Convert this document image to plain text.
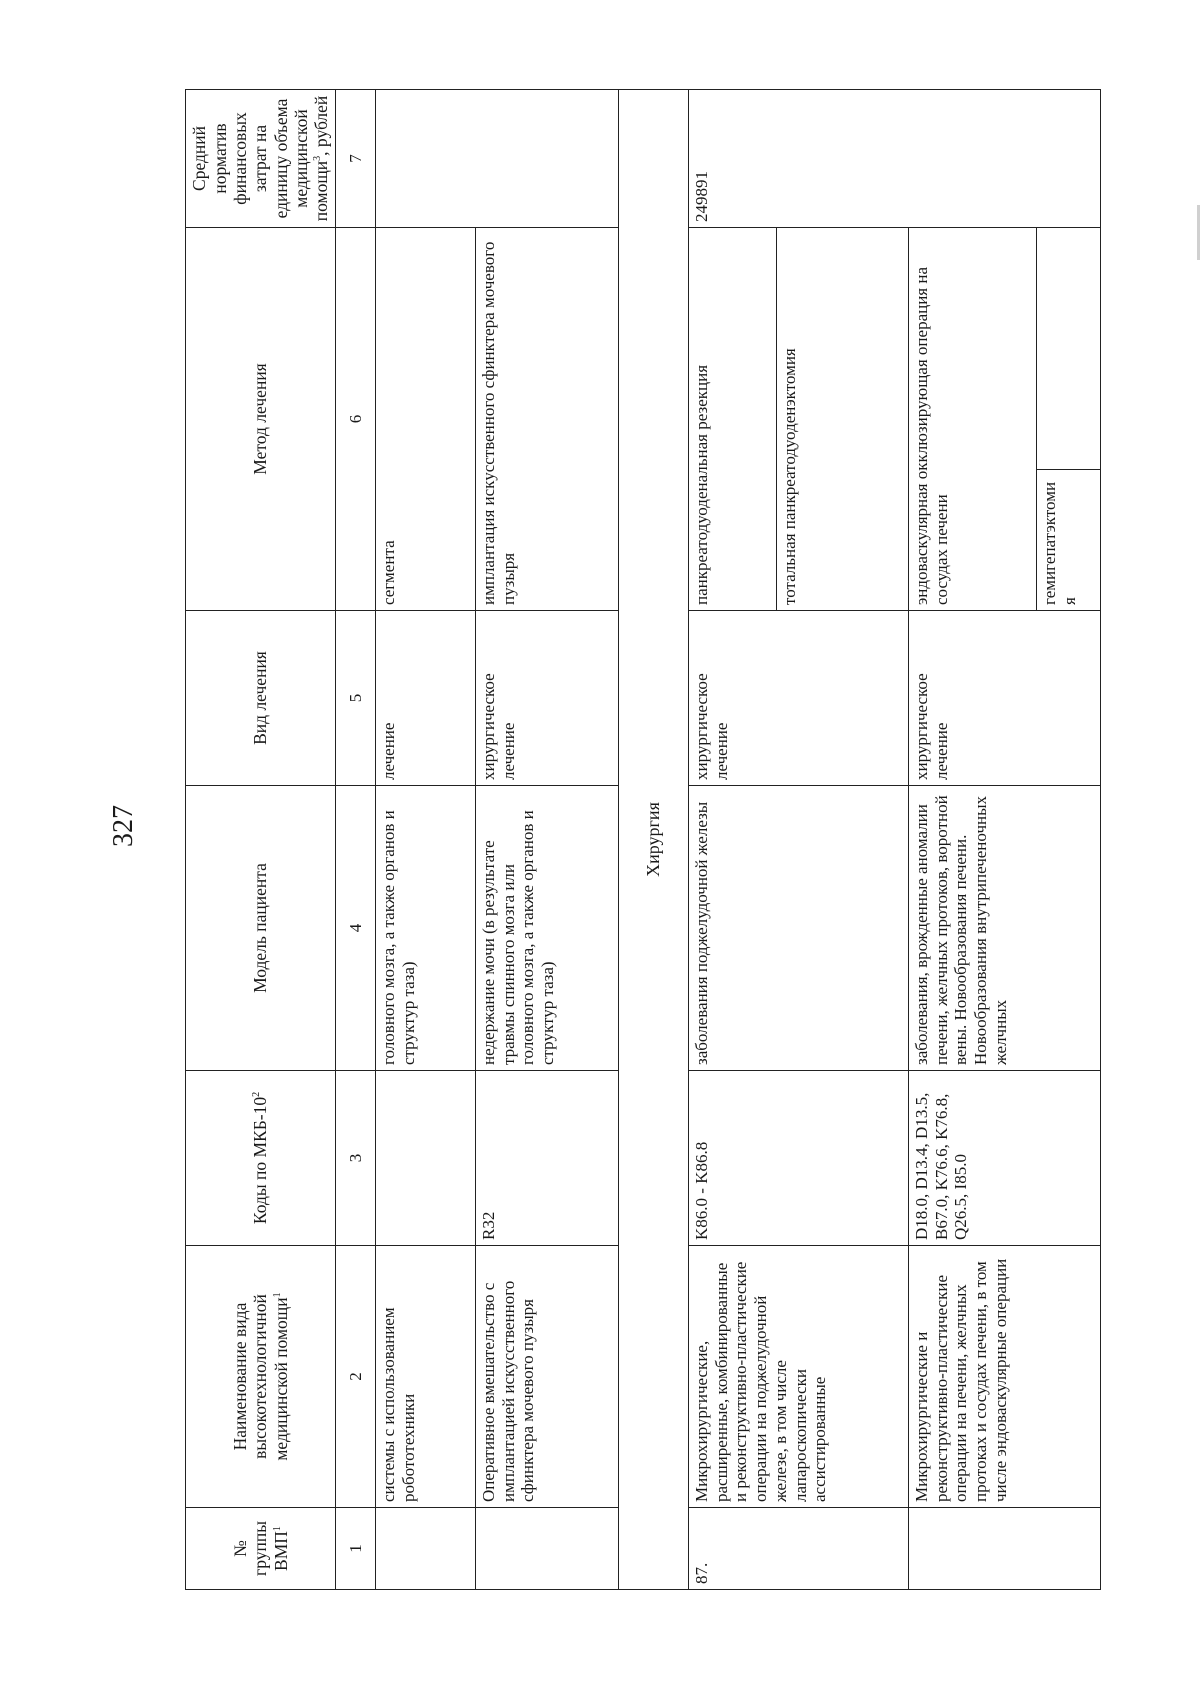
327
№ группы ВМП$^1$	Наименование вида высокотехнологичной медицинской помощи$^1$	Коды по МКБ-$10^2$	Модель пациента	Вид лечения	Метод лечения		Средний норматив финансовых затрат на единицу объема медицинской помощи$^3$, рублей
1	2	3	4	5	6		7
	системы с использованием робототехники		головного мозга, а также органов и структур таза)	лечение	сегмента		
	Оперативное вмешательство с имплантацией искусственного сфинктера мочевого пузыря	R32	недержание мочи (в результате травмы спинного мозга или головного мозга, а также органов и структур таза)	хирургическое лечение	имплантация искусственного сфинктера мочевого пузыря		
Хирургия							
87.	Микрохирургические, расширенные, комбинированные и реконструктивно-пластические операции на поджелудочной железе, в том числе лапароскопически ассистированные	K86.0 - K86.8	заболевания поджелудочной железы	хирургическое лечение	панкреатодуоденальная резекция		249891
					тотальная панкреатодуоденэктомия		
	Микрохирургические и реконструктивно-пластические операции на печени, желчных протоках и сосудах печени, в том числе эндоваскулярные операции	D18.0, D13.4, D13.5, B67.0, K76.6, K76.8, Q26.5, I85.0	заболевания, врожденные аномалии печени, желчных протоков, воротной вены. Новообразования печени. Новообразования внутрипеченочных желчных	хирургическое лечение	эндоваскулярная окклюзирующая операция на сосудах печени		
					гемигепатэктомия		
